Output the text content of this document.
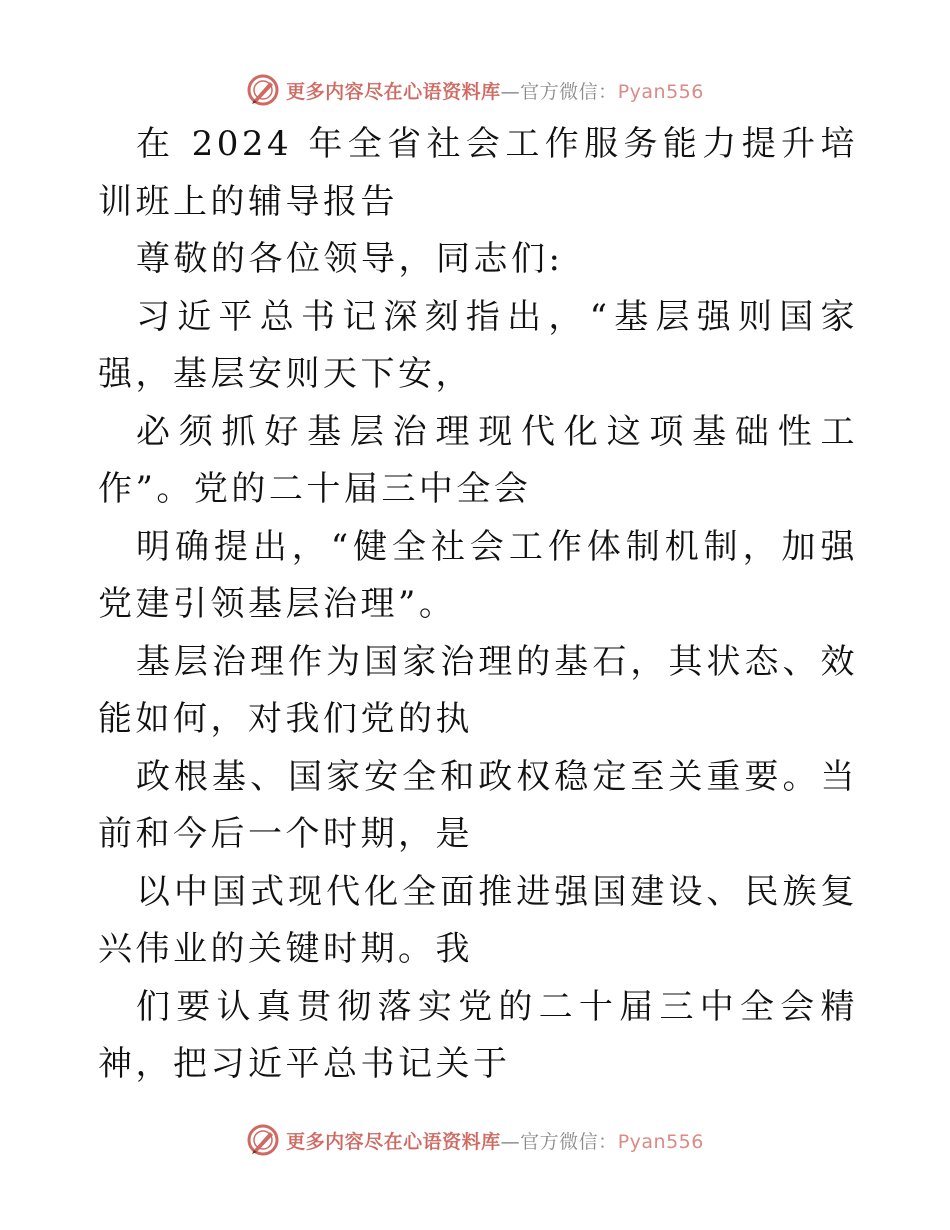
更多内容尽在心语资料库—官方微信：Pyan556

在 2024 年全省社会工作服务能力提升培训班上的辅导报告

尊敬的各位领导，同志们:

习近平总书记深刻指出，“基层强则国家强，基层安则天下安，

必须抓好基层治理现代化这项基础性工作”。党的二十届三中全会

明确提出，“健全社会工作体制机制，加强党建引领基层治理”。

基层治理作为国家治理的基石，其状态、效能如何，对我们党的执

政根基、国家安全和政权稳定至关重要。当前和今后一个时期，是

以中国式现代化全面推进强国建设、民族复兴伟业的关键时期。我

们要认真贯彻落实党的二十届三中全会精神，把习近平总书记关于

更多内容尽在心语资料库—官方微信：Pyan556
